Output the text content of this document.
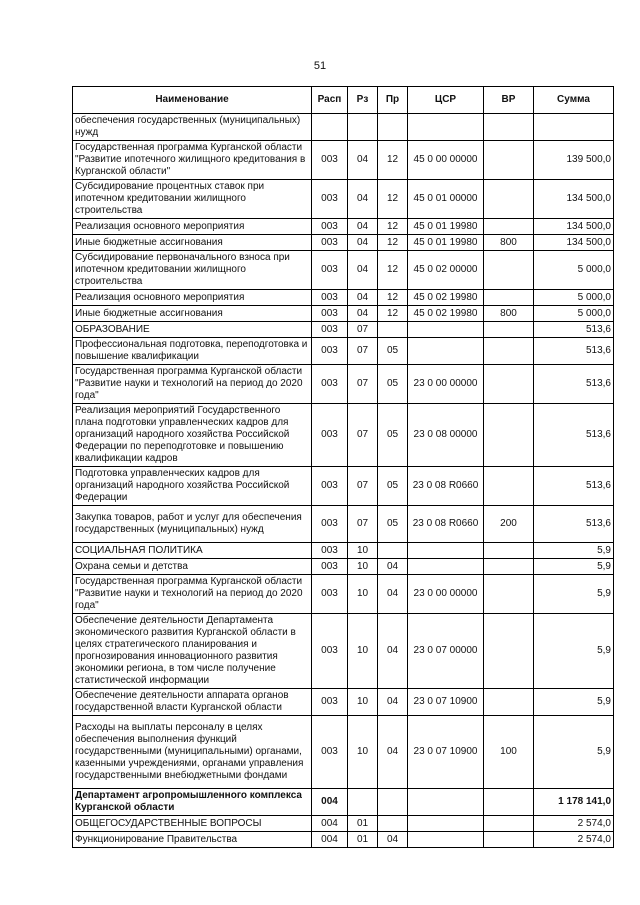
51
Наименование	Расп	Рз	Пр	ЦСР	ВР	Сумма
обеспечения государственных (муниципальных) нужд						
Государственная программа Курганской области "Развитие ипотечного жилищного кредитования в Курганской области"	003	04	12	45 0 00 00000		139 500,0
Субсидирование процентных ставок при ипотечном кредитовании жилищного строительства	003	04	12	45 0 01 00000		134 500,0
Реализация основного мероприятия	003	04	12	45 0 01 19980		134 500,0
Иные бюджетные ассигнования	003	04	12	45 0 01 19980	800	134 500,0
Субсидирование первоначального взноса при ипотечном кредитовании жилищного строительства	003	04	12	45 0 02 00000		5 000,0
Реализация основного мероприятия	003	04	12	45 0 02 19980		5 000,0
Иные бюджетные ассигнования	003	04	12	45 0 02 19980	800	5 000,0
ОБРАЗОВАНИЕ	003	07				513,6
Профессиональная подготовка, переподготовка и повышение квалификации	003	07	05			513,6
Государственная программа Курганской области "Развитие науки и технологий на период до 2020 года"	003	07	05	23 0 00 00000		513,6
Реализация мероприятий Государственного плана подготовки управленческих кадров для организаций народного хозяйства Российской Федерации по переподготовке и повышению квалификации кадров	003	07	05	23 0 08 00000		513,6
Подготовка управленческих кадров для организаций народного хозяйства Российской Федерации	003	07	05	23 0 08 R0660		513,6
Закупка товаров, работ и услуг для обеспечения государственных (муниципальных) нужд	003	07	05	23 0 08 R0660	200	513,6
СОЦИАЛЬНАЯ ПОЛИТИКА	003	10				5,9
Охрана семьи и детства	003	10	04			5,9
Государственная программа Курганской области "Развитие науки и технологий на период до 2020 года"	003	10	04	23 0 00 00000		5,9
Обеспечение деятельности Департамента экономического развития Курганской области в целях стратегического планирования и прогнозирования инновационного развития экономики региона, в том числе получение статистической информации	003	10	04	23 0 07 00000		5,9
Обеспечение деятельности аппарата органов государственной власти Курганской области	003	10	04	23 0 07 10900		5,9
Расходы на выплаты персоналу в целях обеспечения выполнения функций государственными (муниципальными) органами, казенными учреждениями, органами управления государственными внебюджетными фондами	003	10	04	23 0 07 10900	100	5,9
Департамент агропромышленного комплекса Курганской области	004					1 178 141,0
ОБЩЕГОСУДАРСТВЕННЫЕ ВОПРОСЫ	004	01				2 574,0
Функционирование Правительства	004	01	04			2 574,0
